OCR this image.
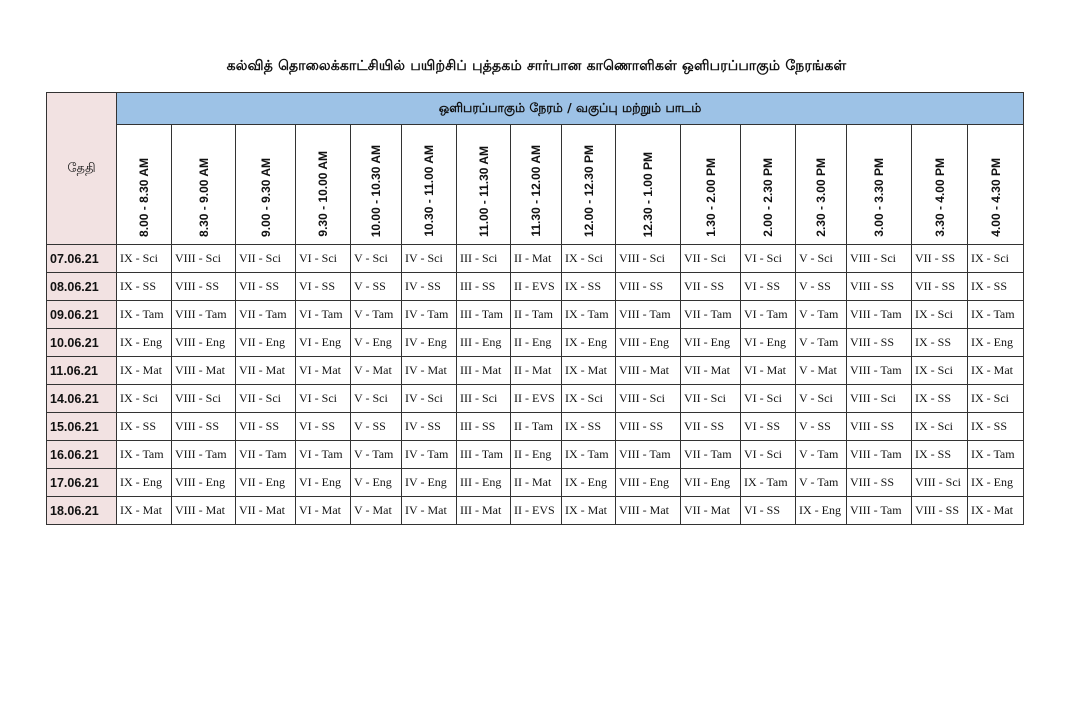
கல்வித் தொலைக்காட்சியில் பயிற்சிப் புத்தகம் சார்பான காணொளிகள் ஒளிபரப்பாகும் நேரங்கள்
தேதி	ஒளிபரப்பாகும் நேரம் / வகுப்பு மற்றும் பாடம்															
	8.00 - 8.30 AM	8.30 - 9.00 AM	9.00 - 9.30 AM	9.30 - 10.00 AM	10.00 - 10.30 AM	10.30 - 11.00 AM	11.00 - 11.30 AM	11.30 - 12.00 AM	12.00 - 12.30 PM	12.30 - 1.00 PM	1.30 - 2.00 PM	2.00 - 2.30 PM	2.30 - 3.00 PM	3.00 - 3.30 PM	3.30 - 4.00 PM	4.00 - 4.30 PM
07.06.21	IX - Sci	VIII - Sci	VII - Sci	VI - Sci	V - Sci	IV - Sci	III - Sci	II - Mat	IX - Sci	VIII - Sci	VII - Sci	VI - Sci	V - Sci	VIII - Sci	VII - SS	IX - Sci
08.06.21	IX - SS	VIII - SS	VII - SS	VI - SS	V - SS	IV - SS	III - SS	II - EVS	IX - SS	VIII - SS	VII - SS	VI - SS	V - SS	VIII - SS	VII - SS	IX - SS
09.06.21	IX - Tam	VIII - Tam	VII - Tam	VI - Tam	V - Tam	IV - Tam	III - Tam	II - Tam	IX - Tam	VIII - Tam	VII - Tam	VI - Tam	V - Tam	VIII - Tam	IX - Sci	IX - Tam
10.06.21	IX - Eng	VIII - Eng	VII - Eng	VI - Eng	V - Eng	IV - Eng	III - Eng	II - Eng	IX - Eng	VIII - Eng	VII - Eng	VI - Eng	V - Tam	VIII - SS	IX - SS	IX - Eng
11.06.21	IX - Mat	VIII - Mat	VII - Mat	VI - Mat	V - Mat	IV - Mat	III - Mat	II - Mat	IX - Mat	VIII - Mat	VII - Mat	VI - Mat	V - Mat	VIII - Tam	IX - Sci	IX - Mat
14.06.21	IX - Sci	VIII - Sci	VII - Sci	VI - Sci	V - Sci	IV - Sci	III - Sci	II - EVS	IX - Sci	VIII - Sci	VII - Sci	VI - Sci	V - Sci	VIII - Sci	IX - SS	IX - Sci
15.06.21	IX - SS	VIII - SS	VII - SS	VI - SS	V - SS	IV - SS	III - SS	II - Tam	IX - SS	VIII - SS	VII - SS	VI - SS	V - SS	VIII - SS	IX - Sci	IX - SS
16.06.21	IX - Tam	VIII - Tam	VII - Tam	VI - Tam	V - Tam	IV - Tam	III - Tam	II - Eng	IX - Tam	VIII - Tam	VII - Tam	VI - Sci	V - Tam	VIII - Tam	IX - SS	IX - Tam
17.06.21	IX - Eng	VIII - Eng	VII - Eng	VI - Eng	V - Eng	IV - Eng	III - Eng	II - Mat	IX - Eng	VIII - Eng	VII - Eng	IX - Tam	V - Tam	VIII - SS	VIII - Sci	IX - Eng
18.06.21	IX - Mat	VIII - Mat	VII - Mat	VI - Mat	V - Mat	IV - Mat	III - Mat	II - EVS	IX - Mat	VIII - Mat	VII - Mat	VI - SS	IX - Eng	VIII - Tam	VIII - SS	IX - Mat
